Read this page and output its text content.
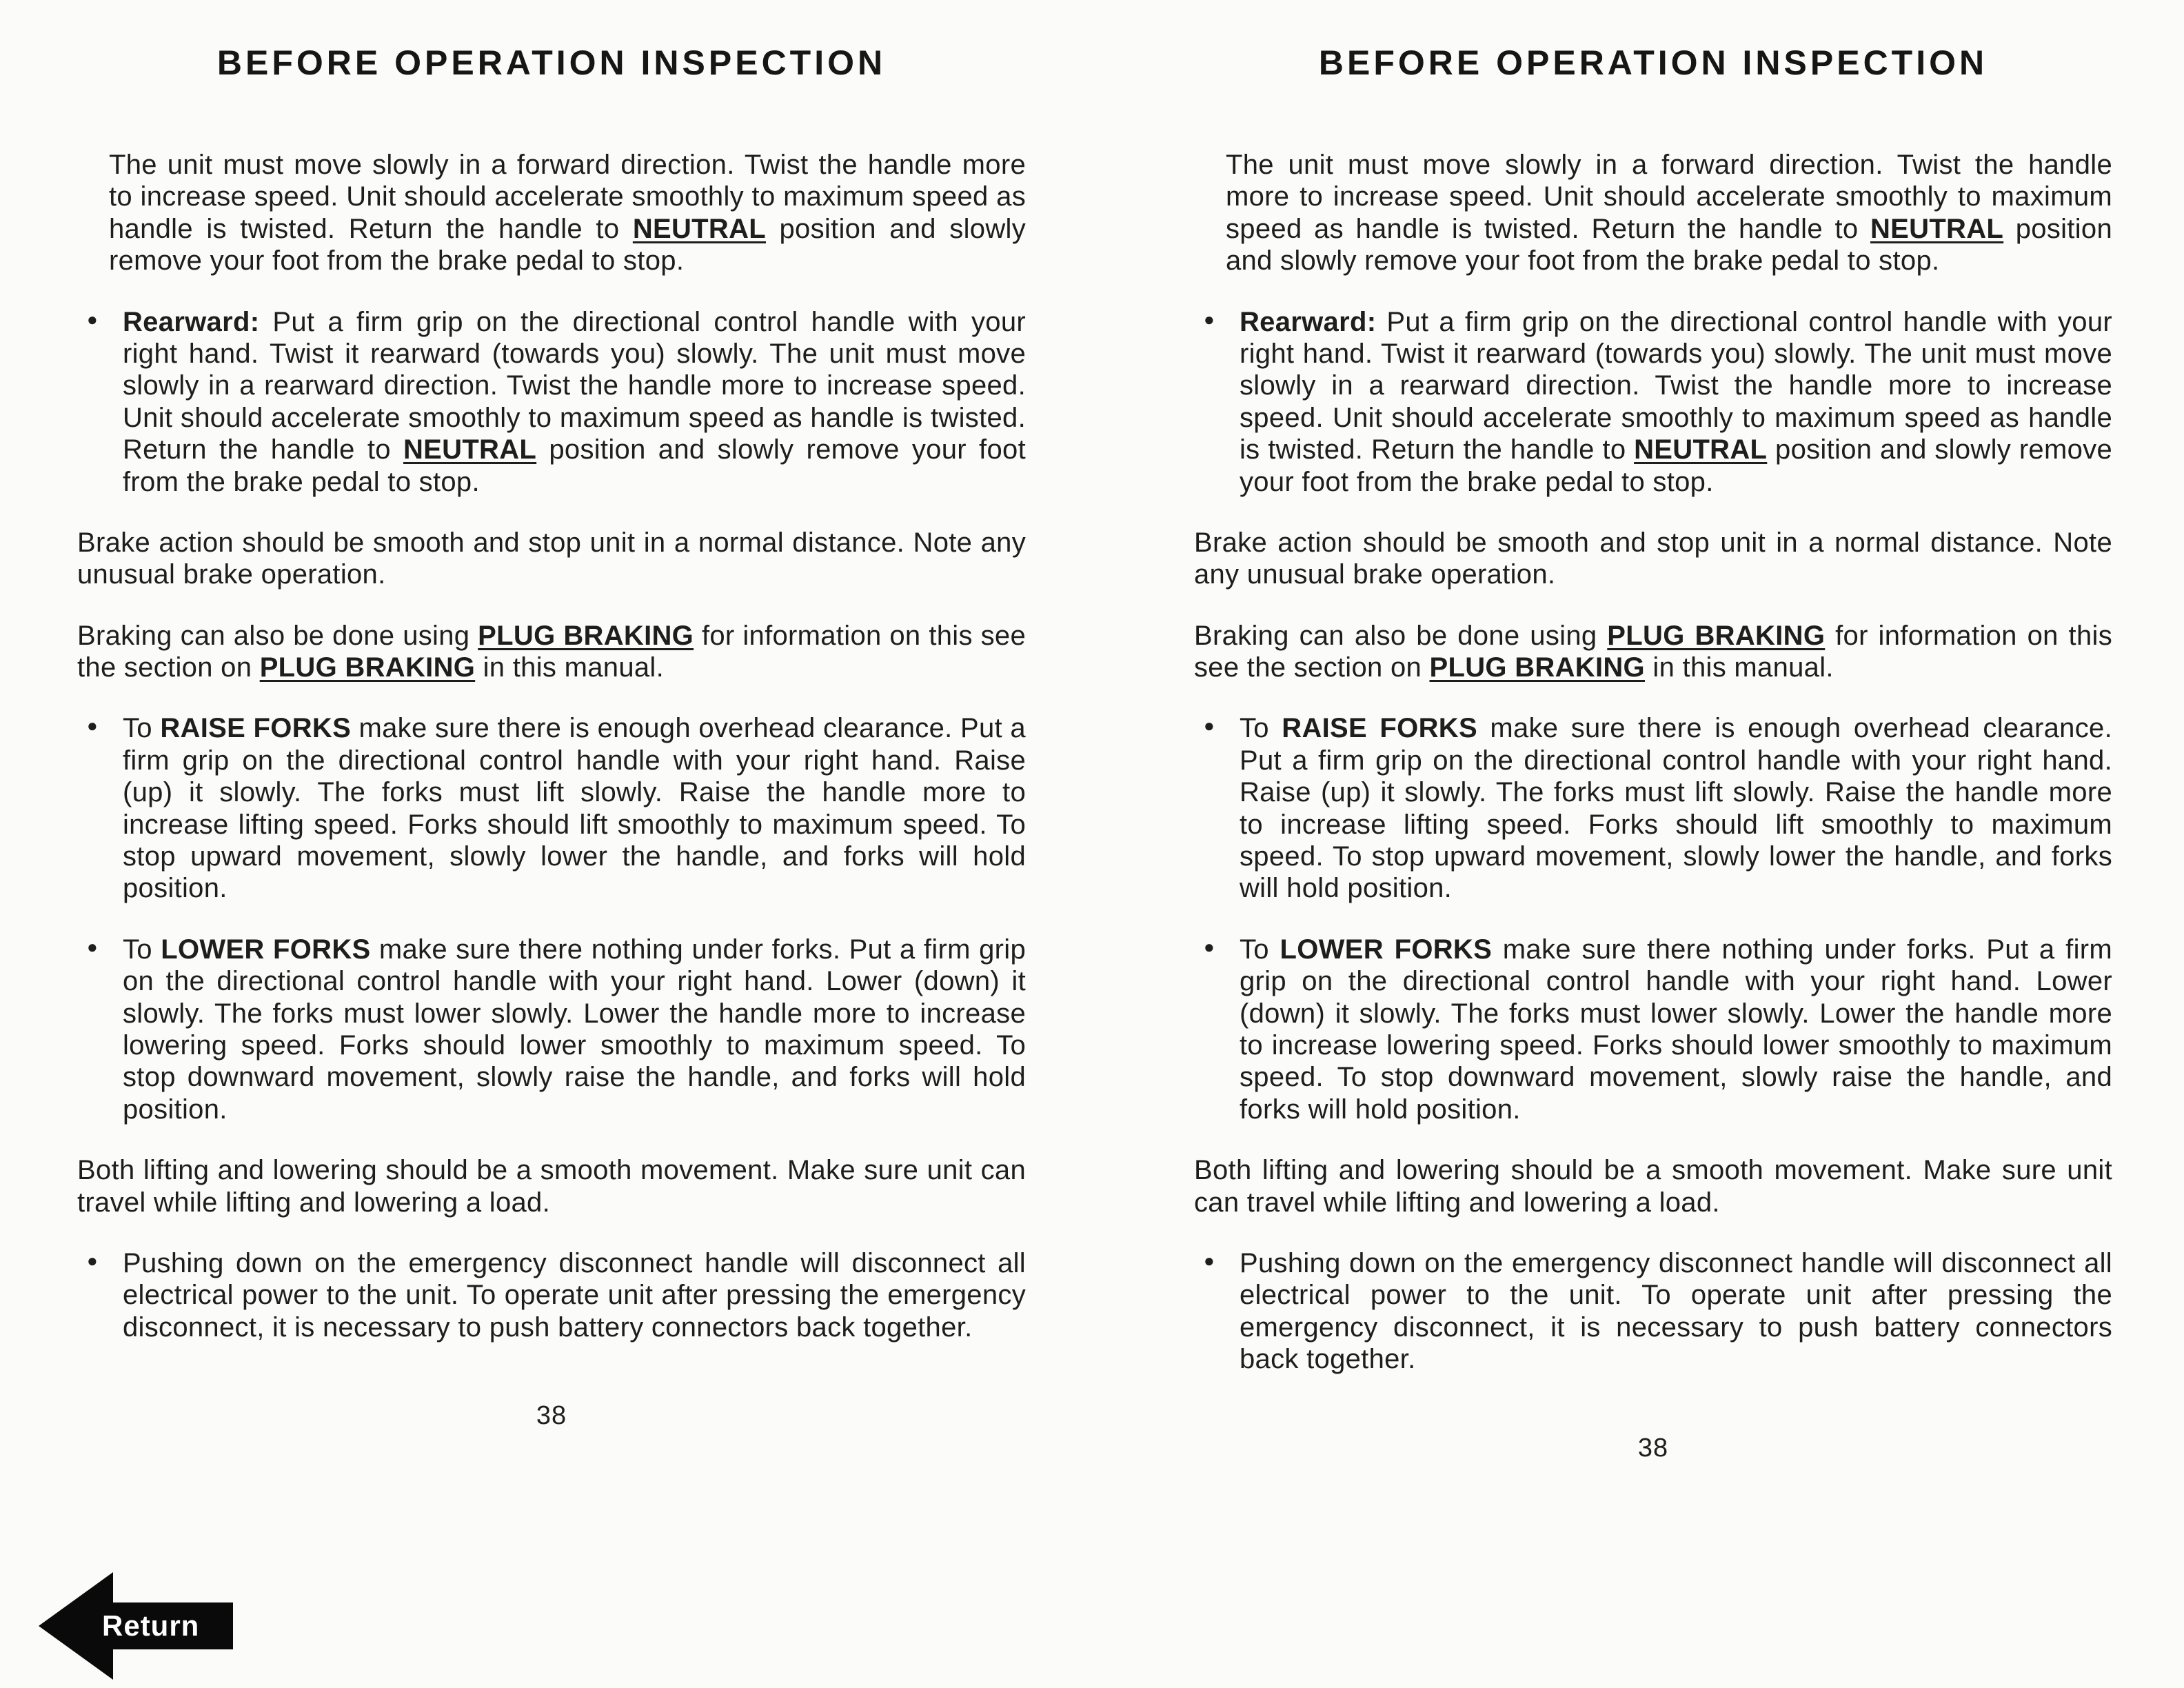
BEFORE OPERATION INSPECTION
The unit must move slowly in a forward direction. Twist the handle more to increase speed. Unit should accelerate smoothly to maximum speed as handle is twisted. Return the handle to NEUTRAL position and slowly remove your foot from the brake pedal to stop.
● Rearward: Put a firm grip on the directional control handle with your right hand. Twist it rearward (towards you) slowly. The unit must move slowly in a rearward direction. Twist the handle more to increase speed. Unit should accelerate smoothly to maximum speed as handle is twisted. Return the handle to NEUTRAL position and slowly remove your foot from the brake pedal to stop.
Brake action should be smooth and stop unit in a normal distance. Note any unusual brake operation.
Braking can also be done using PLUG BRAKING for information on this see the section on PLUG BRAKING in this manual.
● To RAISE FORKS make sure there is enough overhead clearance. Put a firm grip on the directional control handle with your right hand. Raise (up) it slowly. The forks must lift slowly. Raise the handle more to increase lifting speed. Forks should lift smoothly to maximum speed. To stop upward movement, slowly lower the handle, and forks will hold position.
● To LOWER FORKS make sure there nothing under forks. Put a firm grip on the directional control handle with your right hand. Lower (down) it slowly. The forks must lower slowly. Lower the handle more to increase lowering speed. Forks should lower smoothly to maximum speed. To stop downward movement, slowly raise the handle, and forks will hold position.
Both lifting and lowering should be a smooth movement. Make sure unit can travel while lifting and lowering a load.
● Pushing down on the emergency disconnect handle will disconnect all electrical power to the unit. To operate unit after pressing the emergency disconnect, it is necessary to push battery connectors back together.
38
BEFORE OPERATION INSPECTION
The unit must move slowly in a forward direction. Twist the handle more to increase speed. Unit should accelerate smoothly to maximum speed as handle is twisted. Return the handle to NEUTRAL position and slowly remove your foot from the brake pedal to stop.
● Rearward: Put a firm grip on the directional control handle with your right hand. Twist it rearward (towards you) slowly. The unit must move slowly in a rearward direction. Twist the handle more to increase speed. Unit should accelerate smoothly to maximum speed as handle is twisted. Return the handle to NEUTRAL position and slowly remove your foot from the brake pedal to stop.
Brake action should be smooth and stop unit in a normal distance. Note any unusual brake operation.
Braking can also be done using PLUG BRAKING for information on this see the section on PLUG BRAKING in this manual.
● To RAISE FORKS make sure there is enough overhead clearance. Put a firm grip on the directional control handle with your right hand. Raise (up) it slowly. The forks must lift slowly. Raise the handle more to increase lifting speed. Forks should lift smoothly to maximum speed. To stop upward movement, slowly lower the handle, and forks will hold position.
● To LOWER FORKS make sure there nothing under forks. Put a firm grip on the directional control handle with your right hand. Lower (down) it slowly. The forks must lower slowly. Lower the handle more to increase lowering speed. Forks should lower smoothly to maximum speed. To stop downward movement, slowly raise the handle, and forks will hold position.
Both lifting and lowering should be a smooth movement. Make sure unit can travel while lifting and lowering a load.
● Pushing down on the emergency disconnect handle will disconnect all electrical power to the unit. To operate unit after pressing the emergency disconnect, it is necessary to push battery connectors back together.
38
Return
